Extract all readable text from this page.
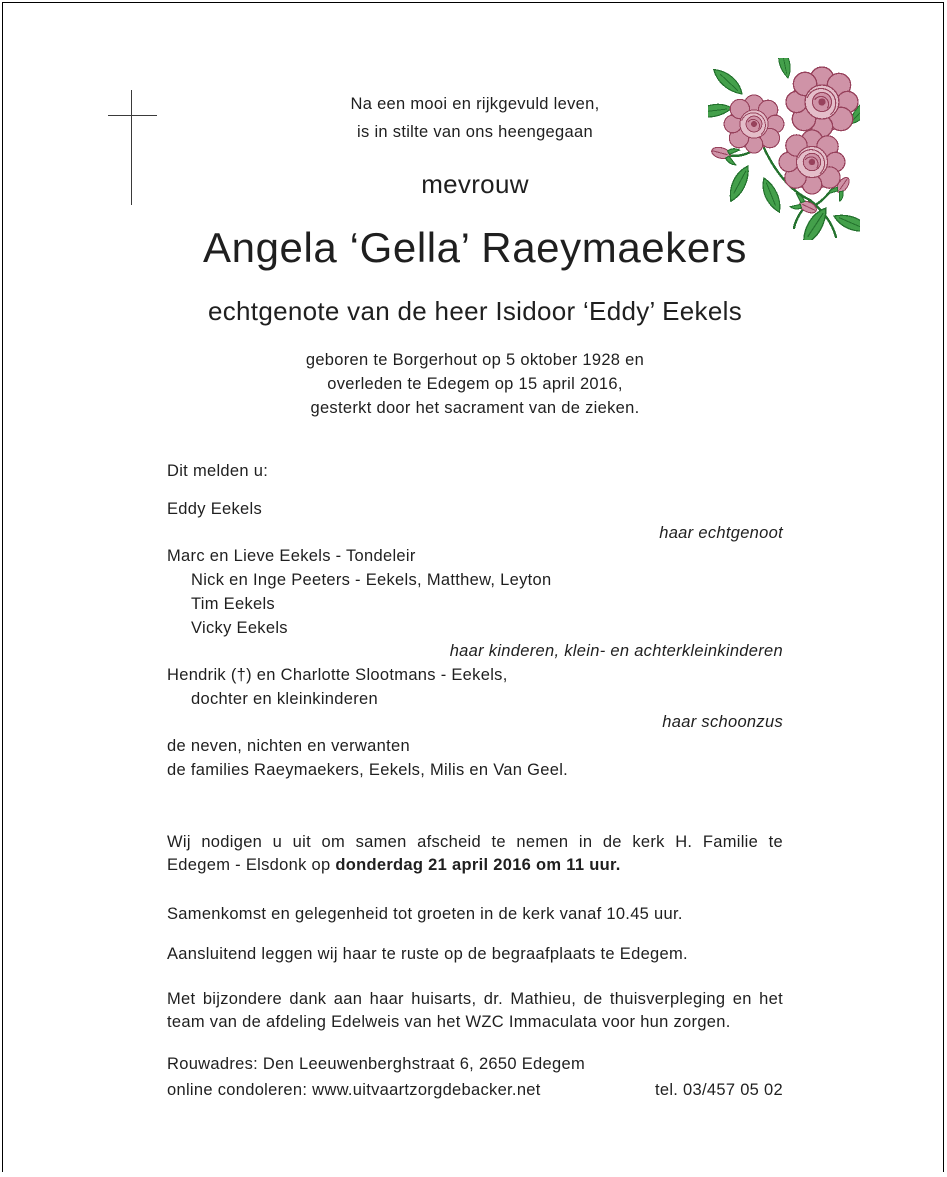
Na een mooi en rijkgevuld leven,
is in stilte van ons heengegaan
mevrouw
Angela ‘Gella’ Raeymaekers
echtgenote van de heer Isidoor ‘Eddy’ Eekels
geboren te Borgerhout op 5 oktober 1928 en
overleden te Edegem op 15 april 2016,
gesterkt door het sacrament van de zieken.
Dit melden u:
Eddy Eekels
haar echtgenoot
Marc en Lieve Eekels - Tondeleir
Nick en Inge Peeters - Eekels, Matthew, Leyton
Tim Eekels
Vicky Eekels
haar kinderen, klein- en achterkleinkinderen
Hendrik (†) en Charlotte Slootmans - Eekels,
dochter en kleinkinderen
haar schoonzus
de neven, nichten en verwanten
de families Raeymaekers, Eekels, Milis en Van Geel.
Wij nodigen u uit om samen afscheid te nemen in de kerk H. Familie te
Edegem - Elsdonk op donderdag 21 april 2016 om 11 uur.
Samenkomst en gelegenheid tot groeten in de kerk vanaf 10.45 uur.
Aansluitend leggen wij haar te ruste op de begraafplaats te Edegem.
Met bijzondere dank aan haar huisarts, dr. Mathieu, de thuisverpleging en het
team van de afdeling Edelweis van het WZC Immaculata voor hun zorgen.
Rouwadres: Den Leeuwenberghstraat 6, 2650 Edegem
online condoleren: www.uitvaartzorgdebacker.net	tel. 03/457 05 02
